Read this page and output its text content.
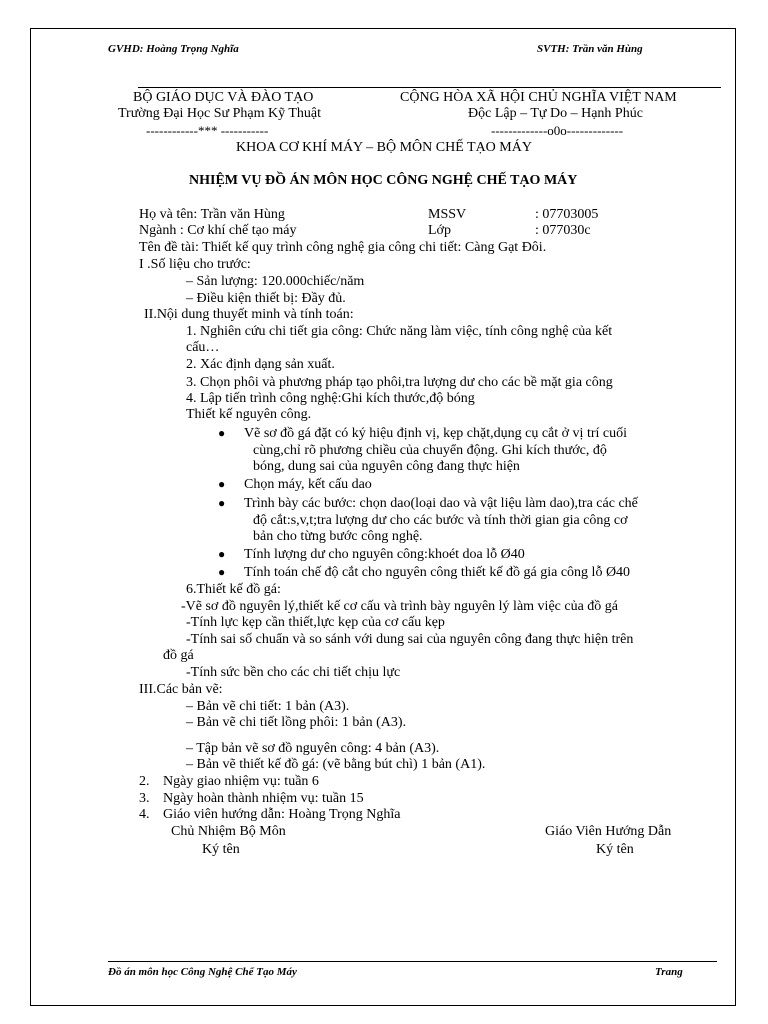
GVHD: Hoàng Trọng Nghĩa	SVTH: Trần văn Hùng
BỘ GIÁO DỤC VÀ ĐÀO TẠO
Trường Đại Học Sư Phạm Kỹ Thuật
------------*** -----------
CỘNG HÒA XÃ HỘI CHỦ NGHĨA VIỆT NAM
Độc Lập – Tự Do – Hạnh Phúc
-------------o0o-------------
KHOA CƠ KHÍ MÁY – BỘ MÔN CHẾ TẠO MÁY
NHIỆM VỤ ĐỒ ÁN MÔN HỌC CÔNG NGHỆ CHẾ TẠO MÁY
Họ và tên: Trần văn Hùng	MSSV	: 07703005
Ngành : Cơ khí chế tạo máy	Lớp	: 077030c
Tên đề tài: Thiết kế quy trình công nghệ gia công chi tiết: Càng Gạt Đôi.
I .Số liệu cho trước:
– Sản lượng: 120.000chiếc/năm
– Điều kiện thiết bị: Đầy đủ.
II.Nội dung thuyết minh và tính toán:
1. Nghiên cứu chi tiết gia công: Chức năng làm việc, tính công nghệ của kết
cấu…
2. Xác định dạng sản xuất.
3. Chọn phôi và phương pháp tạo phôi,tra lượng dư cho các bề mặt gia công
4. Lập tiến trình công nghệ:Ghi kích thước,độ bóng
Thiết kế nguyên công.
● Vẽ sơ đồ gá đặt có ký hiệu định vị, kẹp chặt,dụng cụ cắt ở vị trí cuối
cùng,chỉ rõ phương chiều của chuyển động. Ghi kích thước, độ
bóng, dung sai của nguyên công đang thực hiện
● Chọn máy, kết cấu dao
● Trình bày các bước: chọn dao(loại dao và vật liệu làm dao),tra các chế
độ cắt:s,v,t;tra lượng dư cho các bước và tính thời gian gia công cơ
bản cho từng bước công nghệ.
● Tính lượng dư cho nguyên công:khoét doa lỗ Ø40
● Tính toán chế độ cắt cho nguyên công thiết kế đồ gá gia công lỗ Ø40
6.Thiết kế đồ gá:
-Vẽ sơ đồ nguyên lý,thiết kế cơ cấu và trình bày nguyên lý làm việc của đồ gá
-Tính lực kẹp cần thiết,lực kẹp của cơ cấu kẹp
-Tính sai số chuẩn và so sánh với dung sai của nguyên công đang thực hiện trên
đồ gá
-Tính sức bền cho các chi tiết chịu lực
III.Các bản vẽ:
– Bản vẽ chi tiết: 1 bản (A3).
– Bản vẽ chi tiết lồng phôi: 1 bản (A3).
– Tập bản vẽ sơ đồ nguyên công: 4 bản (A3).
– Bản vẽ thiết kế đồ gá: (vẽ bằng bút chì) 1 bản (A1).
2. Ngày giao nhiệm vụ: tuần 6
3. Ngày hoàn thành nhiệm vụ: tuần 15
4. Giáo viên hướng dẫn: Hoàng Trọng Nghĩa
Chủ Nhiệm Bộ Môn
Ký tên
Giáo Viên Hướng Dẫn
Ký tên
Đồ án môn học Công Nghệ Chế Tạo Máy	Trang
